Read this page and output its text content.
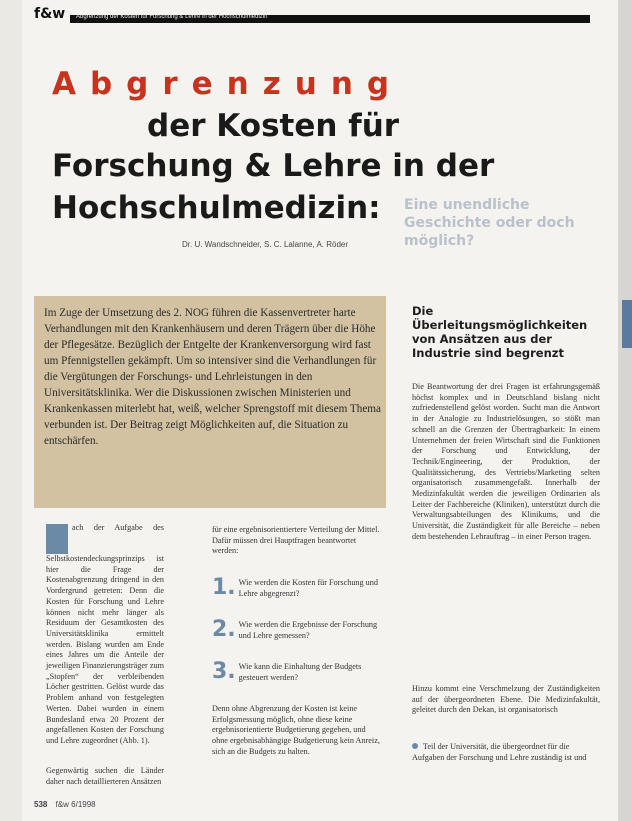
f&w Abgrenzung der Kosten für Forschung & Lehre in der Hochschulmedizin
Abgrenzung
der Kosten für
Forschung & Lehre in der
Hochschulmedizin: Eine unendliche Geschichte oder doch möglich?
Dr. U. Wandschneider, S. C. Lalanne, A. Röder
Im Zuge der Umsetzung des 2. NOG führen die Kassenvertreter harte Verhandlungen mit den Krankenhäusern und deren Trägern über die Höhe der Pflegesätze. Bezüglich der Entgelte der Krankenversorgung wird fast um Pfennigstellen gekämpft. Um so intensiver sind die Verhandlungen für die Vergütungen der Forschungs- und Lehrleistungen in den Universitätsklinika. Wer die Diskussionen zwischen Ministerien und Krankenkassen miterlebt hat, weiß, welcher Sprengstoff mit diesem Thema verbunden ist. Der Beitrag zeigt Möglichkeiten auf, die Situation zu entschärfen.
ach der Aufgabe des Selbstkostendeckungsprinzips ist hier die Frage der Kostenabgrenzung dringend in den Vordergrund getreten: Denn die Kosten für Forschung und Lehre können nicht mehr länger als Residuum der Gesamtkosten des Universitätsklinika ermittelt werden. Bislang wurden am Ende eines Jahres um die Anteile der jeweiligen Finanzierungsträger zum „Stopfen“ der verbleibenden Löcher gestritten. Gelöst wurde das Problem anhand von festgelegten Werten. Dabei wurden in einem Bundesland etwa 20 Prozent der angefallenen Kosten der Forschung und Lehre zugeordnet (Abb. 1).
Gegenwärtig suchen die Länder daher nach detaillierteren Ansätzen
für eine ergebnisorientiertere Verteilung der Mittel. Dafür müssen drei Hauptfragen beantwortet werden:
1. Wie werden die Kosten für Forschung und Lehre abgegrenzt?
2. Wie werden die Ergebnisse der Forschung und Lehre gemessen?
3. Wie kann die Einhaltung der Budgets gesteuert werden?
Denn ohne Abgrenzung der Kosten ist keine Erfolgsmessung möglich, ohne diese keine ergebnisorientierte Budgetierung gegeben, und ohne ergebnisabhängige Budgetierung kein Anreiz, sich an die Budgets zu halten.
Die Überleitungsmöglichkeiten von Ansätzen aus der Industrie sind begrenzt
Die Beantwortung der drei Fragen ist erfahrungsgemäß höchst komplex und in Deutschland bislang nicht zufriedenstellend gelöst worden. Sucht man die Antwort in der Analogie zu Industrielösungen, so stößt man schnell an die Grenzen der Übertragbarkeit: In einem Unternehmen der freien Wirtschaft sind die Funktionen der Forschung und Entwicklung, der Technik/Engineering, der Produktion, der Qualitätssicherung, des Vertriebs/Marketing selten organisatorisch zusammengefaßt. Innerhalb der Medizinfakultät werden die jeweiligen Ordinarien als Leiter der Fachbereiche (Kliniken), unterstützt durch die Verwaltungsabteilungen des Klinikums, und die Universität, die Zuständigkeit für alle Bereiche – neben dem bestehenden Lehrauftrag – in einer Person tragen.
Hinzu kommt eine Verschmelzung der Zuständigkeiten auf der übergeordneten Ebene. Die Medizinfakultät, geleitet durch den Dekan, ist organisatorisch
Teil der Universität, die übergeordnet für die Aufgaben der Forschung und Lehre zuständig ist und
538 f&w 6/1998
